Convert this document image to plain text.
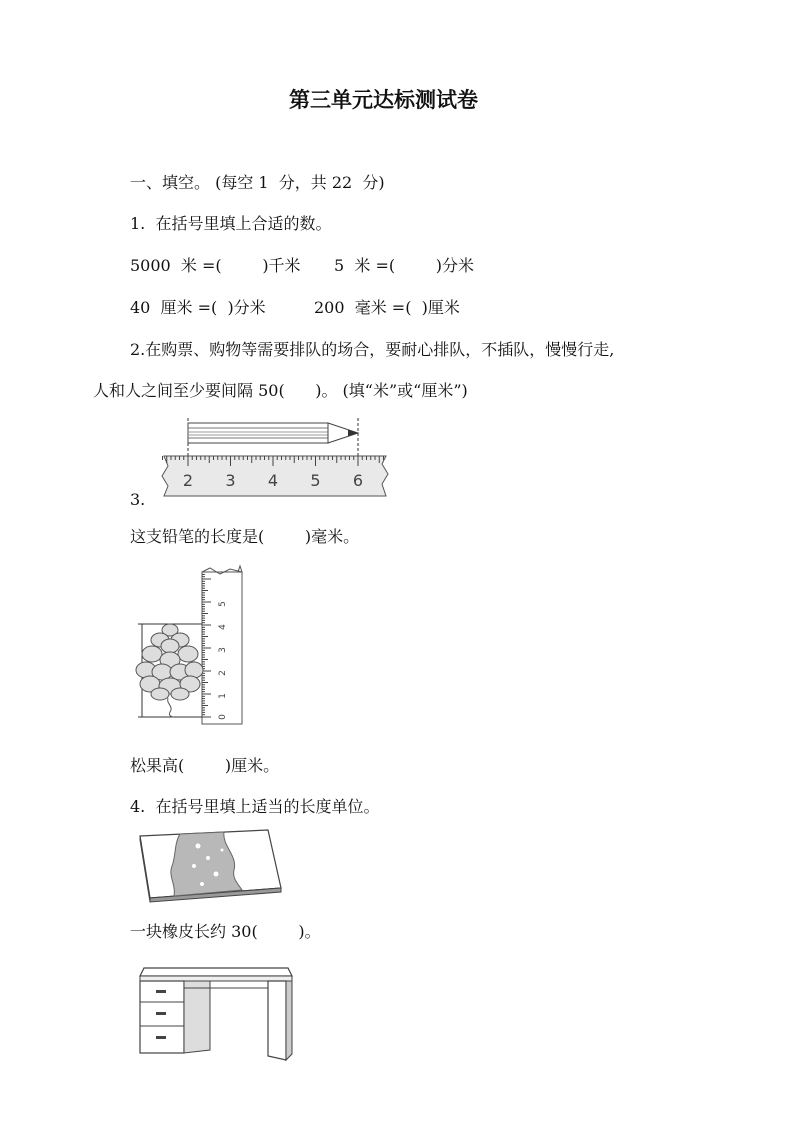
第三单元达标测试卷
一、填空。 (每空 1  分，共 22  分)
1.  在括号里填上合适的数。
5000  米 =(        )千米 5  米 =(        )分米
40  厘米 =(  )分米	200  毫米 =(  )厘米
2.在购票、购物等需要排队的场合，要耐心排队，不插队，慢慢行走,
人和人之间至少要间隔 50(      )。 (填“米”或“厘米”)
2 3 4 5 6
3.
这支铅笔的长度是(        )毫米。
0
1
2
3
4
5
松果高(        )厘米。
4.  在括号里填上适当的长度单位。
一块橡皮长约 30(        )。
